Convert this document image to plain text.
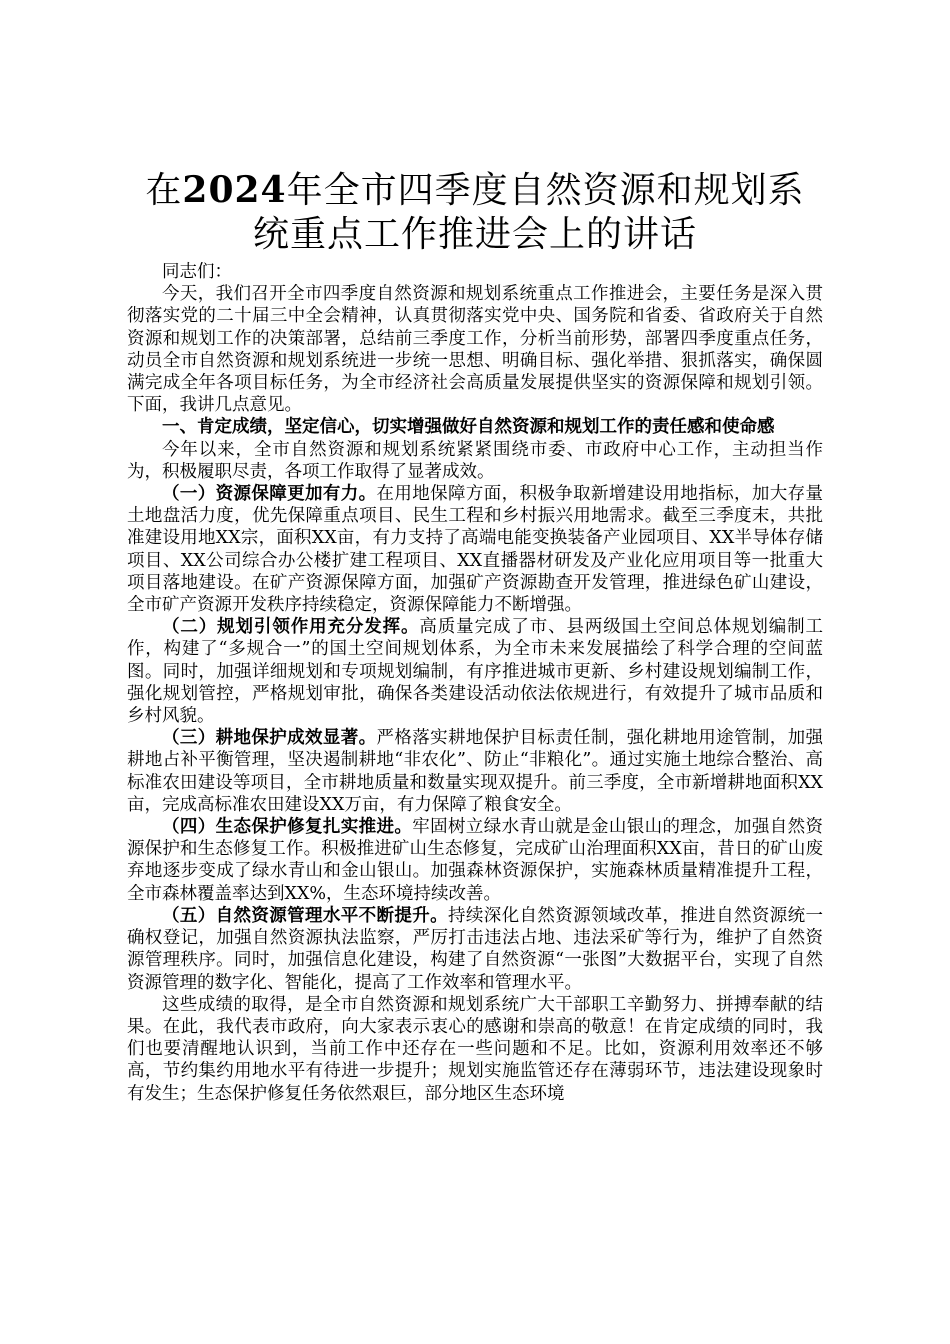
在2024年全市四季度自然资源和规划系统重点工作推进会上的讲话

同志们：

今天，我们召开全市四季度自然资源和规划系统重点工作推进会，主要任务是深入贯彻落实党的二十届三中全会精神，认真贯彻落实党中央、国务院和省委、省政府关于自然资源和规划工作的决策部署，总结前三季度工作，分析当前形势，部署四季度重点任务，动员全市自然资源和规划系统进一步统一思想、明确目标、强化举措、狠抓落实，确保圆满完成全年各项目标任务，为全市经济社会高质量发展提供坚实的资源保障和规划引领。下面，我讲几点意见。

一、肯定成绩，坚定信心，切实增强做好自然资源和规划工作的责任感和使命感

今年以来，全市自然资源和规划系统紧紧围绕市委、市政府中心工作，主动担当作为，积极履职尽责，各项工作取得了显著成效。

（一）资源保障更加有力。在用地保障方面，积极争取新增建设用地指标，加大存量土地盘活力度，优先保障重点项目、民生工程和乡村振兴用地需求。截至三季度末，共批准建设用地XX宗，面积XX亩，有力支持了高端电能变换装备产业园项目、XX半导体存储项目、XX公司综合办公楼扩建工程项目、XX直播器材研发及产业化应用项目等一批重大项目落地建设。在矿产资源保障方面，加强矿产资源勘查开发管理，推进绿色矿山建设，全市矿产资源开发秩序持续稳定，资源保障能力不断增强。

（二）规划引领作用充分发挥。高质量完成了市、县两级国土空间总体规划编制工作，构建了“多规合一”的国土空间规划体系，为全市未来发展描绘了科学合理的空间蓝图。同时，加强详细规划和专项规划编制，有序推进城市更新、乡村建设规划编制工作，强化规划管控，严格规划审批，确保各类建设活动依法依规进行，有效提升了城市品质和乡村风貌。

（三）耕地保护成效显著。严格落实耕地保护目标责任制，强化耕地用途管制，加强耕地占补平衡管理，坚决遏制耕地“非农化”、防止“非粮化”。通过实施土地综合整治、高标准农田建设等项目，全市耕地质量和数量实现双提升。前三季度，全市新增耕地面积XX亩，完成高标准农田建设XX万亩，有力保障了粮食安全。

（四）生态保护修复扎实推进。牢固树立绿水青山就是金山银山的理念，加强自然资源保护和生态修复工作。积极推进矿山生态修复，完成矿山治理面积XX亩，昔日的矿山废弃地逐步变成了绿水青山和金山银山。加强森林资源保护，实施森林质量精准提升工程，全市森林覆盖率达到XX%，生态环境持续改善。

（五）自然资源管理水平不断提升。持续深化自然资源领域改革，推进自然资源统一确权登记，加强自然资源执法监察，严厉打击违法占地、违法采矿等行为，维护了自然资源管理秩序。同时，加强信息化建设，构建了自然资源“一张图”大数据平台，实现了自然资源管理的数字化、智能化，提高了工作效率和管理水平。

这些成绩的取得，是全市自然资源和规划系统广大干部职工辛勤努力、拼搏奉献的结果。在此，我代表市政府，向大家表示衷心的感谢和崇高的敬意！在肯定成绩的同时，我们也要清醒地认识到，当前工作中还存在一些问题和不足。比如，资源利用效率还不够高，节约集约用地水平有待进一步提升；规划实施监管还存在薄弱环节，违法建设现象时有发生；生态保护修复任务依然艰巨，部分地区生态环境
